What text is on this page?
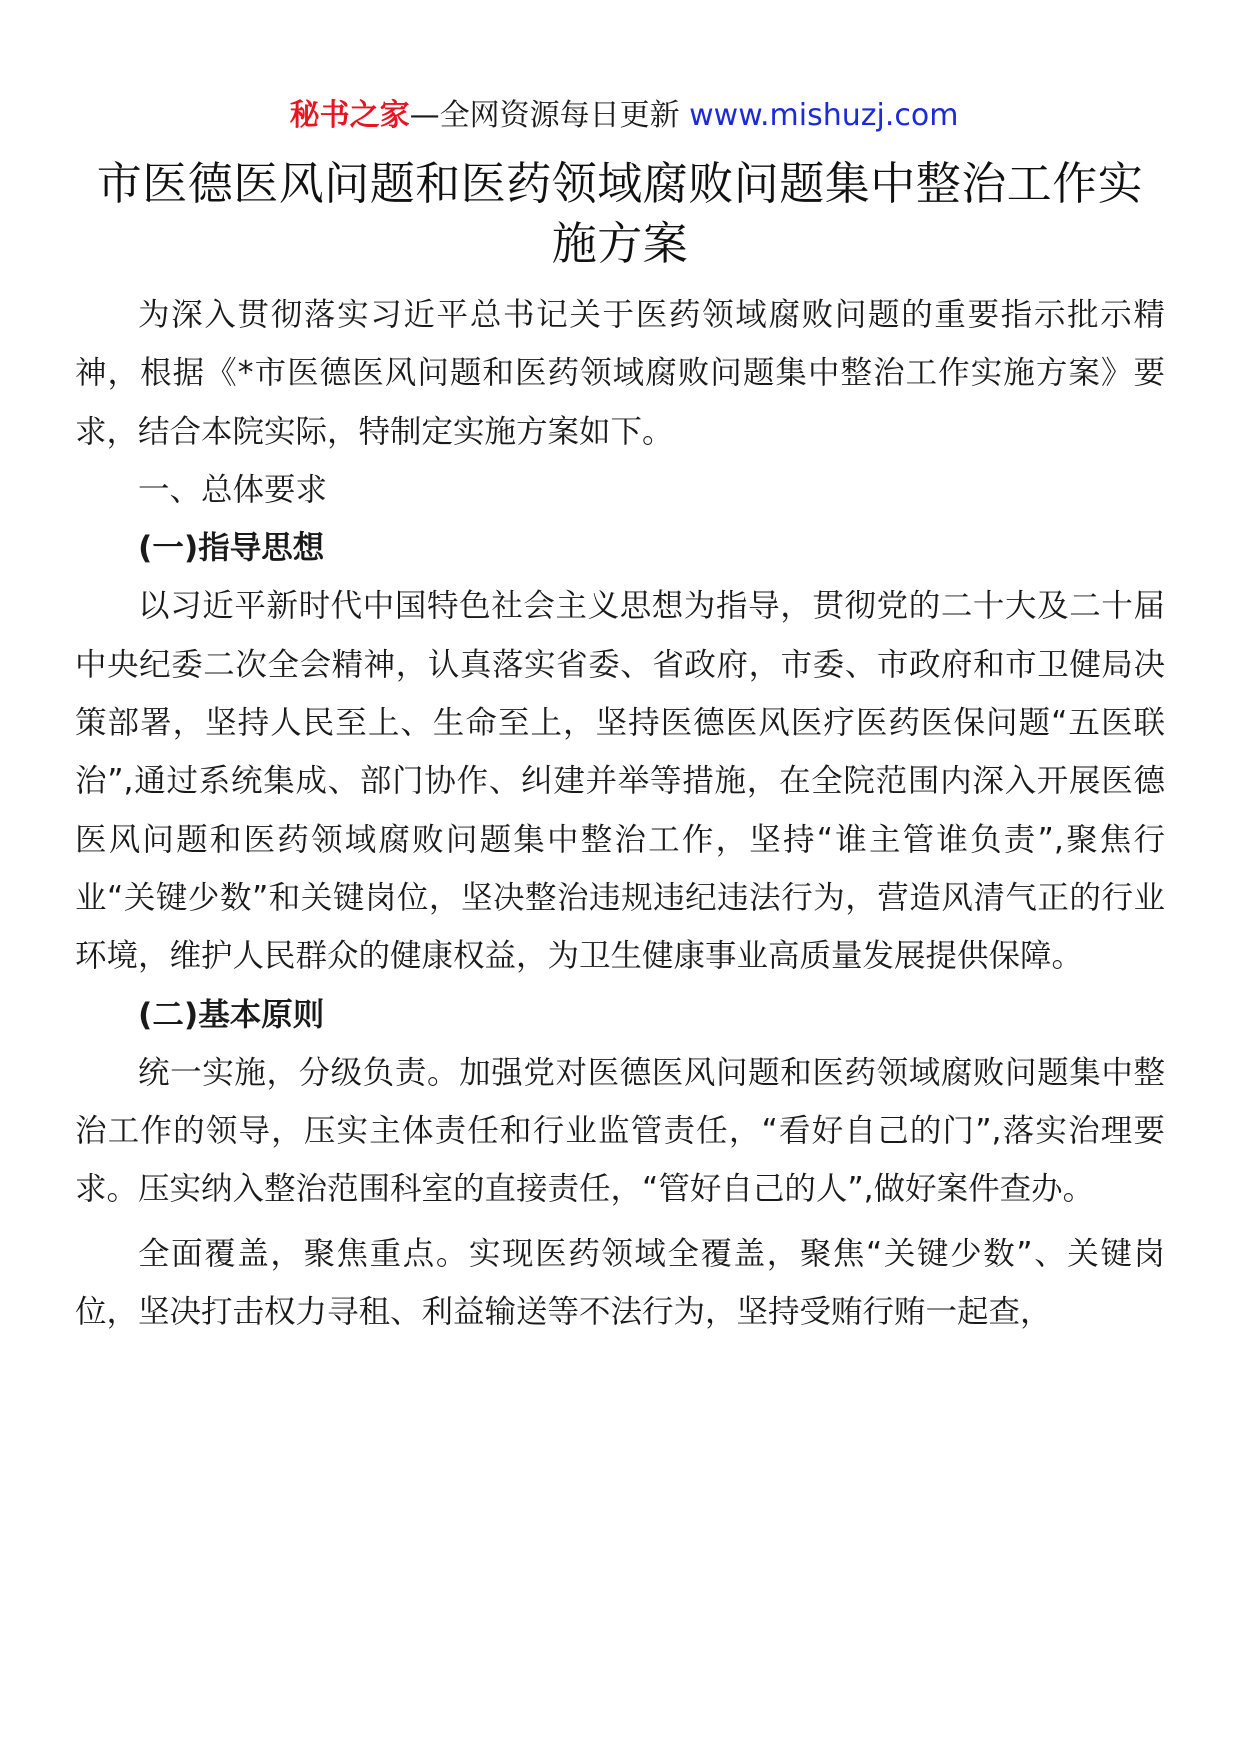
秘书之家—全网资源每日更新 www.mishuzj.com
市医德医风问题和医药领域腐败问题集中整治工作实
施方案

为深入贯彻落实习近平总书记关于医药领域腐败问题的重要指示批示精神，根据《*市医德医风问题和医药领域腐败问题集中整治工作实施方案》要求，结合本院实际，特制定实施方案如下。

一、总体要求

(一)指导思想

以习近平新时代中国特色社会主义思想为指导，贯彻党的二十大及二十届中央纪委二次全会精神，认真落实省委、省政府，市委、市政府和市卫健局决策部署，坚持人民至上、生命至上，坚持医德医风医疗医药医保问题“五医联治”,通过系统集成、部门协作、纠建并举等措施，在全院范围内深入开展医德医风问题和医药领域腐败问题集中整治工作，坚持“谁主管谁负责”,聚焦行业“关键少数”和关键岗位，坚决整治违规违纪违法行为，营造风清气正的行业环境，维护人民群众的健康权益，为卫生健康事业高质量发展提供保障。

(二)基本原则

统一实施，分级负责。加强党对医德医风问题和医药领域腐败问题集中整治工作的领导，压实主体责任和行业监管责任，“看好自己的门”,落实治理要求。压实纳入整治范围科室的直接责任，“管好自己的人”,做好案件查办。

全面覆盖，聚焦重点。实现医药领域全覆盖，聚焦“关键少数”、关键岗位，坚决打击权力寻租、利益输送等不法行为，坚持受贿行贿一起查，
